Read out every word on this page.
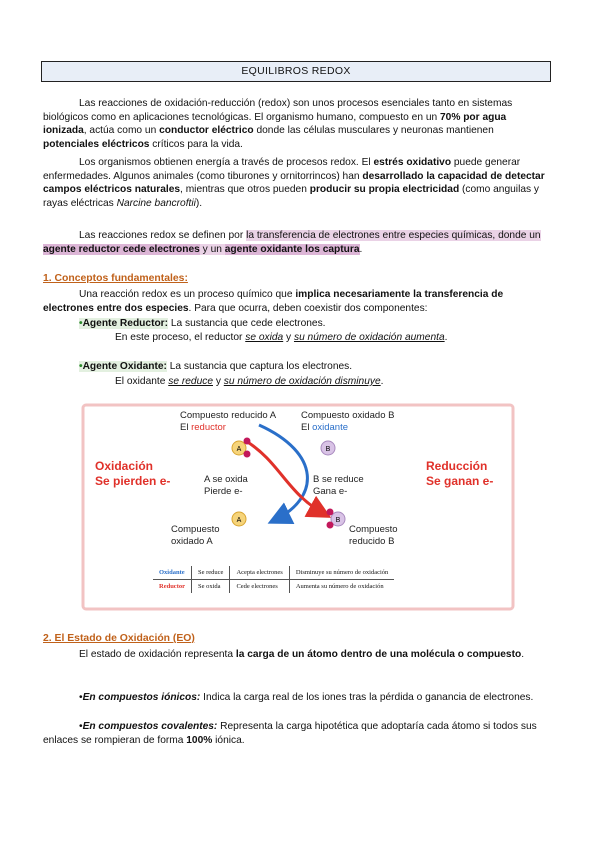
EQUILIBROS REDOX
Las reacciones de oxidación-reducción (redox) son unos procesos esenciales tanto en sistemas biológicos como en aplicaciones tecnológicas. El organismo humano, compuesto en un 70% por agua ionizada, actúa como un conductor eléctrico donde las células musculares y neuronas mantienen potenciales eléctricos críticos para la vida.
Los organismos obtienen energía a través de procesos redox. El estrés oxidativo puede generar enfermedades. Algunos animales (como tiburones y ornitorrincos) han desarrollado la capacidad de detectar campos eléctricos naturales, mientras que otros pueden producir su propia electricidad (como anguilas y rayas eléctricas Narcine bancroftii).
Las reacciones redox se definen por la transferencia de electrones entre especies químicas, donde un agente reductor cede electrones y un agente oxidante los captura.
1. Conceptos fundamentales:
Una reacción redox es un proceso químico que implica necesariamente la transferencia de electrones entre dos especies. Para que ocurra, deben coexistir dos componentes:
•Agente Reductor: La sustancia que cede electrones.
En este proceso, el reductor se oxida y su número de oxidación aumenta.
•Agente Oxidante: La sustancia que captura los electrones.
El oxidante se reduce y su número de oxidación disminuye.
Compuesto reducido A
El reductor
Compuesto oxidado B
El oxidante
A	B
Oxidación
Se pierden e-
Reducción
Se ganan e-
A se oxida
Pierde e-
B se reduce
Gana e-
A	B
Compuesto
oxidado A
Compuesto
reducido B
Oxidante	Se reduce	Acepta electrones	Disminuye su número de oxidación
Reductor	Se oxida	Cede electrones	Aumenta su número de oxidación
2. El Estado de Oxidación (EO)
El estado de oxidación representa la carga de un átomo dentro de una molécula o compuesto.
•En compuestos iónicos: Indica la carga real de los iones tras la pérdida o ganancia de electrones.
•En compuestos covalentes: Representa la carga hipotética que adoptaría cada átomo si todos sus enlaces se rompieran de forma 100% iónica.
